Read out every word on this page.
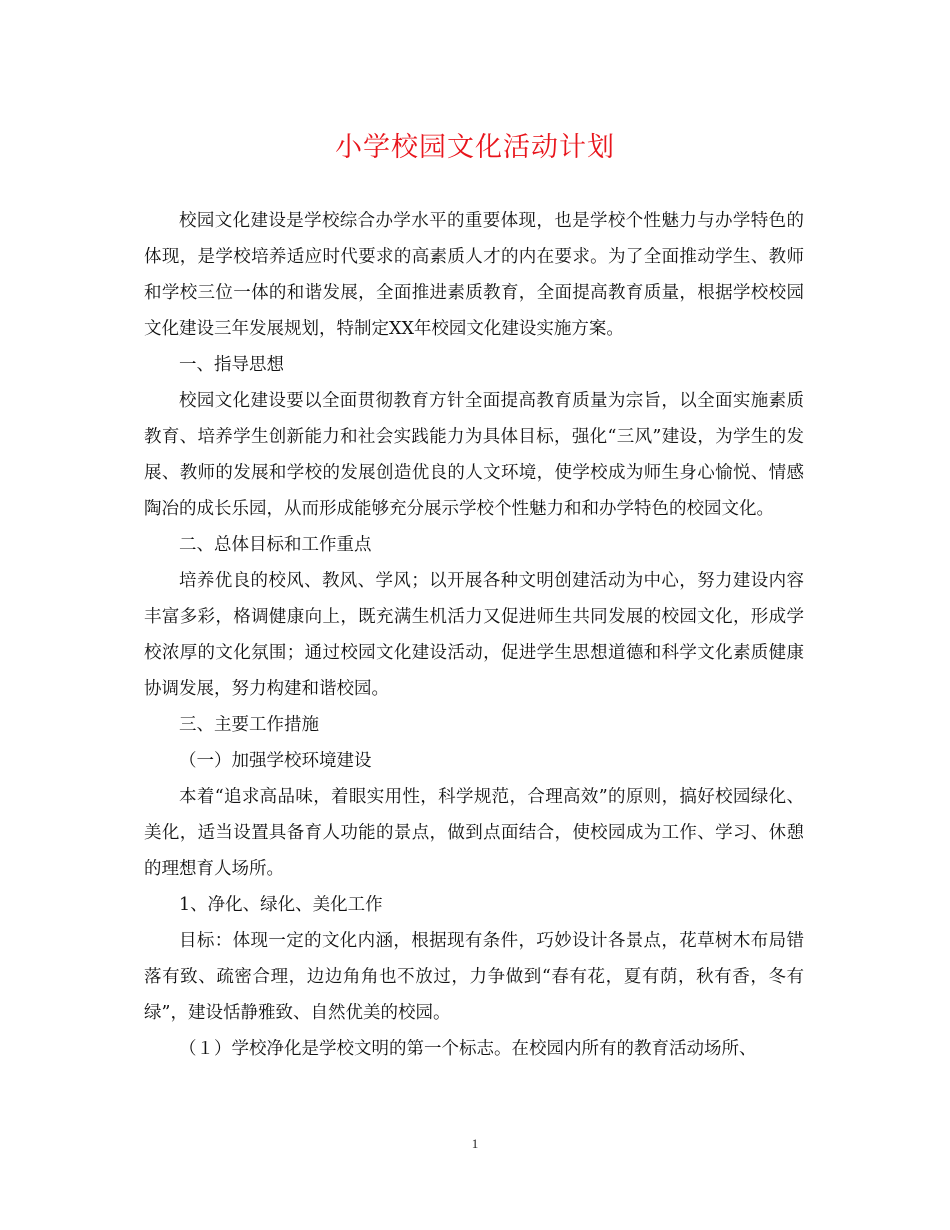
小学校园文化活动计划

校园文化建设是学校综合办学水平的重要体现，也是学校个性魅力与办学特色的体现，是学校培养适应时代要求的高素质人才的内在要求。为了全面推动学生、教师和学校三位一体的和谐发展，全面推进素质教育，全面提高教育质量，根据学校校园文化建设三年发展规划，特制定XX年校园文化建设实施方案。

一、指导思想

校园文化建设要以全面贯彻教育方针全面提高教育质量为宗旨，以全面实施素质教育、培养学生创新能力和社会实践能力为具体目标，强化“三风”建设，为学生的发展、教师的发展和学校的发展创造优良的人文环境，使学校成为师生身心愉悦、情感陶冶的成长乐园，从而形成能够充分展示学校个性魅力和和办学特色的校园文化。

二、总体目标和工作重点

培养优良的校风、教风、学风；以开展各种文明创建活动为中心，努力建设内容丰富多彩，格调健康向上，既充满生机活力又促进师生共同发展的校园文化，形成学校浓厚的文化氛围；通过校园文化建设活动，促进学生思想道德和科学文化素质健康协调发展，努力构建和谐校园。

三、主要工作措施

（一）加强学校环境建设

本着“追求高品味，着眼实用性，科学规范，合理高效”的原则，搞好校园绿化、美化，适当设置具备育人功能的景点，做到点面结合，使校园成为工作、学习、休憩的理想育人场所。

1、净化、绿化、美化工作

目标：体现一定的文化内涵，根据现有条件，巧妙设计各景点，花草树木布局错落有致、疏密合理，边边角角也不放过，力争做到“春有花，夏有荫，秋有香，冬有绿”，建设恬静雅致、自然优美的校园。

（１）学校净化是学校文明的第一个标志。在校园内所有的教育活动场所、

1
